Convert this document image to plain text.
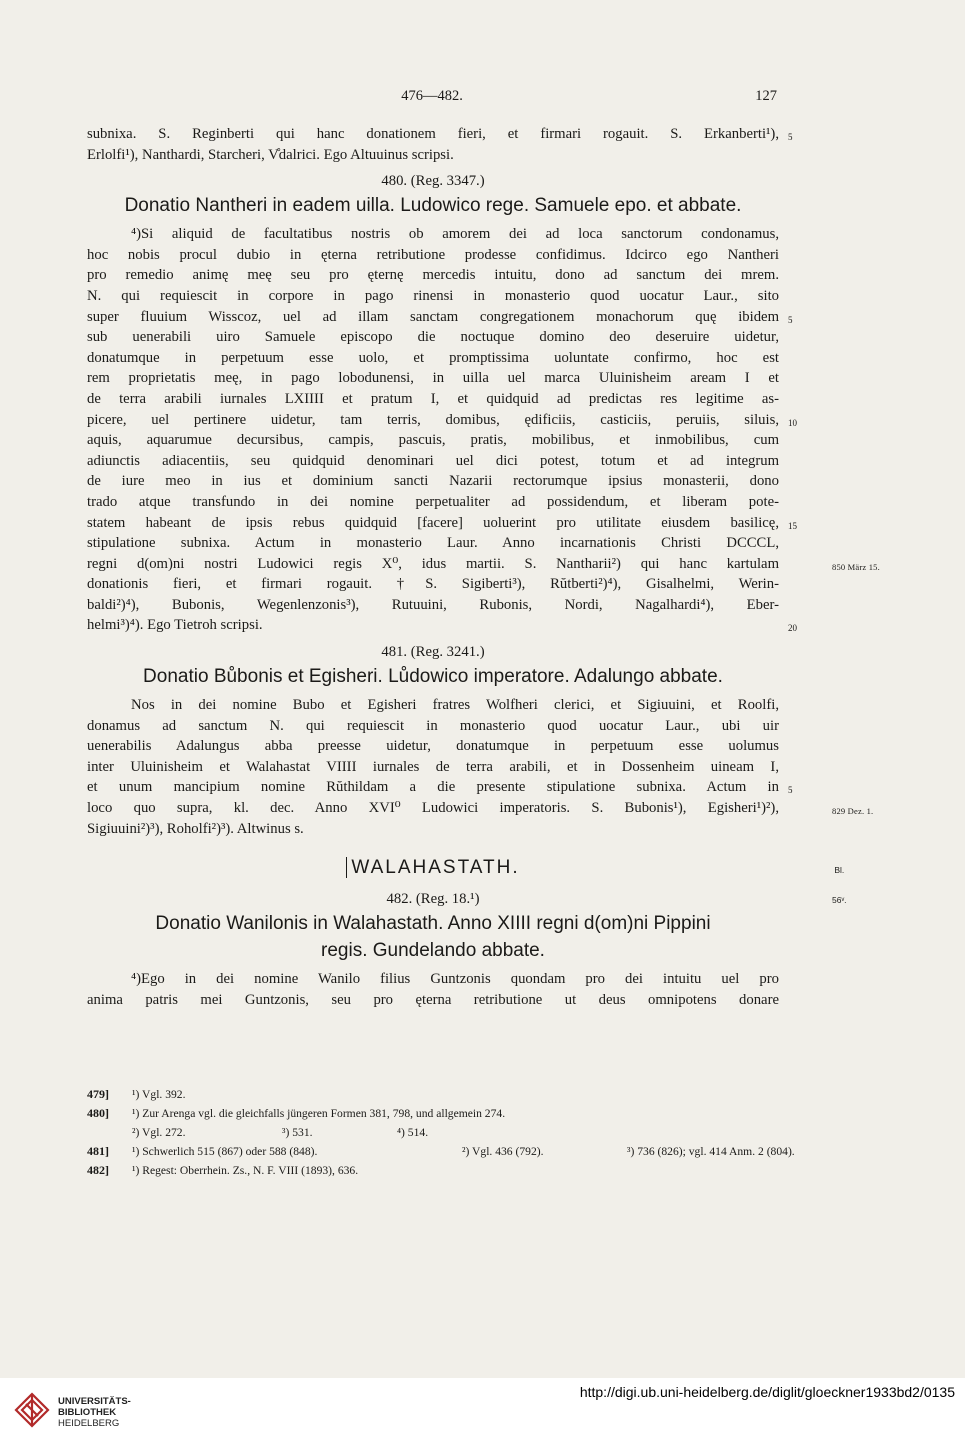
476—482.	127
subnixa. S. Reginberti qui hanc donationem fieri, et firmari rogauit. S. Erkanberti¹), 5
Erlolfi¹), Nanthardi, Starcheri, V̊dalrici. Ego Altuuinus scripsi.
480. (Reg. 3347.)
Donatio Nantheri in eadem uilla. Ludowico rege. Samuele epo. et abbate.
⁴)Si aliquid de facultatibus nostris ob amorem dei ad loca sanctorum condonamus,
hoc nobis procul dubio in ęterna retributione prodesse confidimus. Idcirco ego Nantheri
pro remedio animę meę seu pro ęternę mercedis intuitu, dono ad sanctum dei mrem.
N. qui requiescit in corpore in pago rinensi in monasterio quod uocatur Laur., sito
super fluuium Wisscoz, uel ad illam sanctam congregationem monachorum quę ibidem 5
sub uenerabili uiro Samuele episcopo die noctuque domino deo deseruire uidetur,
donatumque in perpetuum esse uolo, et promptissima uoluntate confirmo, hoc est
rem proprietatis meę, in pago lobodunensi, in uilla uel marca Uluinisheim aream I et
de terra arabili iurnales LXIIII et pratum I, et quidquid ad predictas res legitime as-
picere, uel pertinere uidetur, tam terris, domibus, ędificiis, casticiis, peruiis, siluis, 10
aquis, aquarumue decursibus, campis, pascuis, pratis, mobilibus, et inmobilibus, cum
adiunctis adiacentiis, seu quidquid denominari uel dici potest, totum et ad integrum
de iure meo in ius et dominium sancti Nazarii rectorumque ipsius monasterii, dono
trado atque transfundo in dei nomine perpetualiter ad possidendum, et liberam pote-
statem habeant de ipsis rebus quidquid [facere] uoluerint pro utilitate eiusdem basilicę, 15
stipulatione subnixa. Actum in monasterio Laur. Anno incarnationis Christi DCCCL,
regni d(om)ni nostri Ludowici regis X⁰, idus martii. S. Nantharii²) qui hanc kartulam	850 März 15.
donationis fieri, et firmari rogauit. †S. Sigiberti³), Rŭtberti²)⁴), Gisalhelmi, Werin-
baldi²)⁴), Bubonis, Wegenlenzonis³), Rutuuini, Rubonis, Nordi, Nagalhardi⁴), Eber-
helmi³)⁴). Ego Tietroh scripsi.	20
481. (Reg. 3241.)
Donatio Bůbonis et Egisheri. Lůdowico imperatore. Adalungo abbate.
Nos in dei nomine Bubo et Egisheri fratres Wolfheri clerici, et Sigiuuini, et Roolfi,
donamus ad sanctum N. qui requiescit in monasterio quod uocatur Laur., ubi uir
uenerabilis Adalungus abba preesse uidetur, donatumque in perpetuum esse uolumus
inter Uluinisheim et Walahastat VIIII iurnales de terra arabili, et in Dossenheim uineam I,
et unum mancipium nomine Rŭthildam a die presente stipulatione subnixa. Actum in 5
loco quo supra, kl. dec. Anno XVI⁰ Ludowici imperatoris. S. Bubonis¹), Egisheri¹)²),	829 Dez. 1.
Sigiuuini²)³), Roholfi²)³). Altwinus s.
WALAHASTATH.	Bl. 56ᵛ.
482. (Reg. 18.¹)
Donatio Wanilonis in Walahastath. Anno XIIII regni d(om)ni Pippini
regis. Gundelando abbate.
⁴)Ego in dei nomine Wanilo filius Guntzonis quondam pro dei intuitu uel pro
anima patris mei Guntzonis, seu pro ęterna retributione ut deus omnipotens donare
479] ¹) Vgl. 392.
480] ¹) Zur Arenga vgl. die gleichfalls jüngeren Formen 381, 798, und allgemein 274.
²) Vgl. 272.	³) 531.	⁴) 514.
481] ¹) Schwerlich 515 (867) oder 588 (848).	²) Vgl. 436 (792).	³) 736 (826); vgl. 414 Anm. 2 (804).
482] ¹) Regest: Oberrhein. Zs., N. F. VIII (1893), 636.
UNIVERSITÄTS-
BIBLIOTHEK
HEIDELBERG
http://digi.ub.uni-heidelberg.de/diglit/gloeckner1933bd2/0135
